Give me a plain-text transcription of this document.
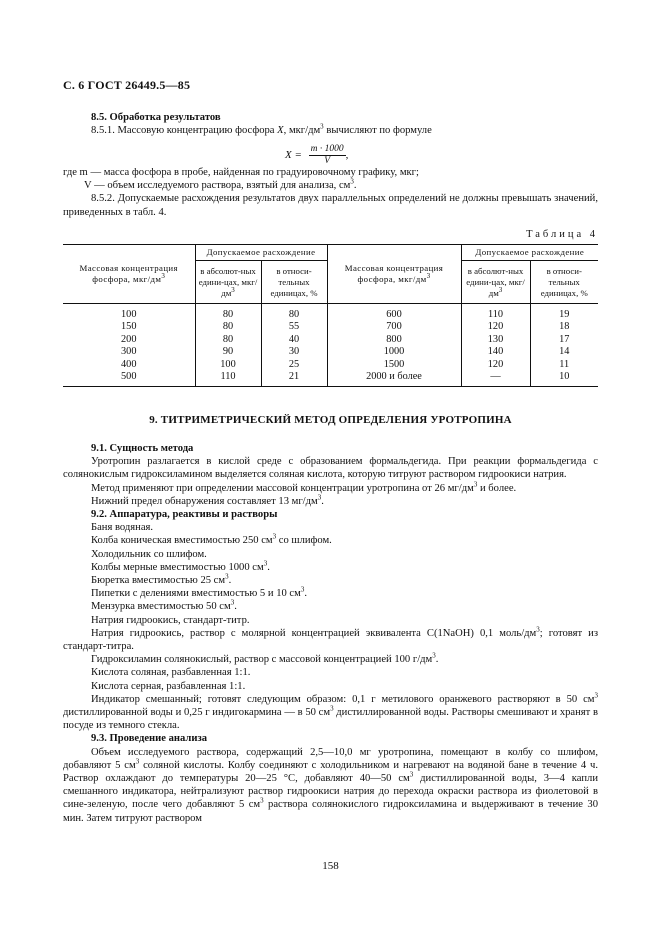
С. 6 ГОСТ 26449.5—85

8.5. Обработка результатов

8.5.1. Массовую концентрацию фосфора X, мкг/$дм^3$ вычисляют по формуле

$X = \frac{m \cdot 1000}{V}$ ,

где m — масса фосфора в пробе, найденная по градуировочному графику, мкг;

V — объем исследуемого раствора, взятый для анализа, $см^3$.

8.5.2. Допускаемые расхождения результатов двух параллельных определений не должны превышать значений, приведенных в табл. 4.

Таблица 4
Массовая концентрация фосфора, мкг/$дм^3$	Допускаемое расхождение		Массовая концентрация фосфора, мкг/$дм^3$	Допускаемое расхождение	
	в абсолют-ных едини-цах, мкг/$дм^3$	в относи-тельных единицах, %		в абсолют-ных едини-цах, мкг/$дм^3$	в относи-тельных единицах, %
100	80	80	600	110	19
150	80	55	700	120	18
200	80	40	800	130	17
300	90	30	1000	140	14
400	100	25	1500	120	11
500	110	21	2000 и более	—	10
9. ТИТРИМЕТРИЧЕСКИЙ МЕТОД ОПРЕДЕЛЕНИЯ УРОТРОПИНА

9.1. Сущность метода

Уротропин разлагается в кислой среде с образованием формальдегида. При реакции формальдегида с солянокислым гидроксиламином выделяется соляная кислота, которую титруют раствором гидроокиси натрия.

Метод применяют при определении массовой концентрации уротропина от 26 $мг/дм^3$ и более.

Нижний предел обнаружения составляет 13 $мг/дм^3$.

9.2. Аппаратура, реактивы и растворы

Баня водяная.

Колба коническая вместимостью 250 $см^3$ со шлифом.

Холодильник со шлифом.

Колбы мерные вместимостью 1000 $см^3$.

Бюретка вместимостью 25 $см^3$.

Пипетки с делениями вместимостью 5 и 10 $см^3$.

Мензурка вместимостью 50 $см^3$.

Натрия гидроокись, стандарт-титр.

Натрия гидроокись, раствор с молярной концентрацией эквивалента C(1NaOH) 0,1 моль/$дм^3$; готовят из стандарт-титра.

Гидроксиламин солянокислый, раствор с массовой концентрацией 100 $г/дм^3$.

Кислота соляная, разбавленная 1:1.

Кислота серная, разбавленная 1:1.

Индикатор смешанный; готовят следующим образом: 0,1 г метилового оранжевого растворяют в 50 $см^3$ дистиллированной воды и 0,25 г индигокармина — в 50 $см^3$ дистиллированной воды. Растворы смешивают и хранят в посуде из темного стекла.

9.3. Проведение анализа

Объем исследуемого раствора, содержащий 2,5—10,0 мг уротропина, помещают в колбу со шлифом, добавляют 5 $см^3$ соляной кислоты. Колбу соединяют с холодильником и нагревают на водяной бане в течение 4 ч. Раствор охлаждают до температуры 20—25 °С, добавляют 40—50 $см^3$ дистиллированной воды, 3—4 капли смешанного индикатора, нейтрализуют раствор гидроокиси натрия до перехода окраски раствора из фиолетовой в сине-зеленую, после чего добавляют 5 $см^3$ раствора солянокислого гидроксиламина и выдерживают в течение 30 мин. Затем титруют раствором

158
